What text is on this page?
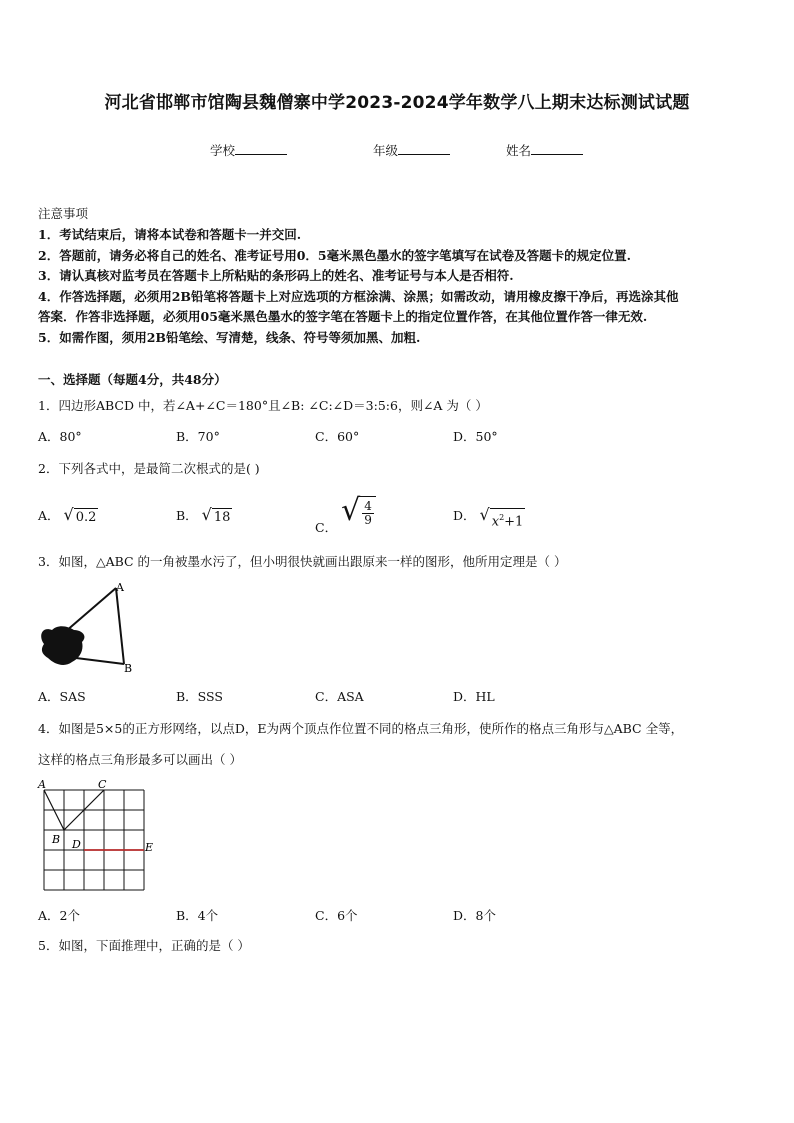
河北省邯郸市馆陶县魏僧寨中学2023-2024学年数学八上期末达标测试试题
学校	年级	姓名
注意事项
1．考试结束后，请将本试卷和答题卡一并交回.
2．答题前，请务必将自己的姓名、准考证号用0．5毫米黑色墨水的签字笔填写在试卷及答题卡的规定位置.
3．请认真核对监考员在答题卡上所粘贴的条形码上的姓名、准考证号与本人是否相符.
4．作答选择题，必须用2B铅笔将答题卡上对应选项的方框涂满、涂黑；如需改动，请用橡皮擦干净后，再选涂其他
答案．作答非选择题，必须用05毫米黑色墨水的签字笔在答题卡上的指定位置作答，在其他位置作答一律无效.
5．如需作图，须用2B铅笔绘、写清楚，线条、符号等须加黑、加粗.
一、选择题（每题4分，共48分）
1．四边形ABCD 中，若∠A+∠C＝180°且∠B: ∠C:∠D＝3:5:6，则∠A 为（ ）
A．80°	B．70°	C．60°	D．50°
2．下列各式中，是最简二次根式的是( )
A． √ 0.2	B． √ 18
C． √ $\frac{4}{9}$	D． √ $x^2+1$
3．如图，△ABC 的一角被墨水污了，但小明很快就画出跟原来一样的图形，他所用定理是（ ）
A
B
A．SAS	B．SSS	C．ASA	D．HL
4．如图是5×5的正方形网络，以点D，E为两个顶点作位置不同的格点三角形，使所作的格点三角形与△ABC 全等，
这样的格点三角形最多可以画出（ ）
A	C
B D	E
A．2个	B．4个	C．6个	D．8个
5．如图，下面推理中，正确的是（ ）
